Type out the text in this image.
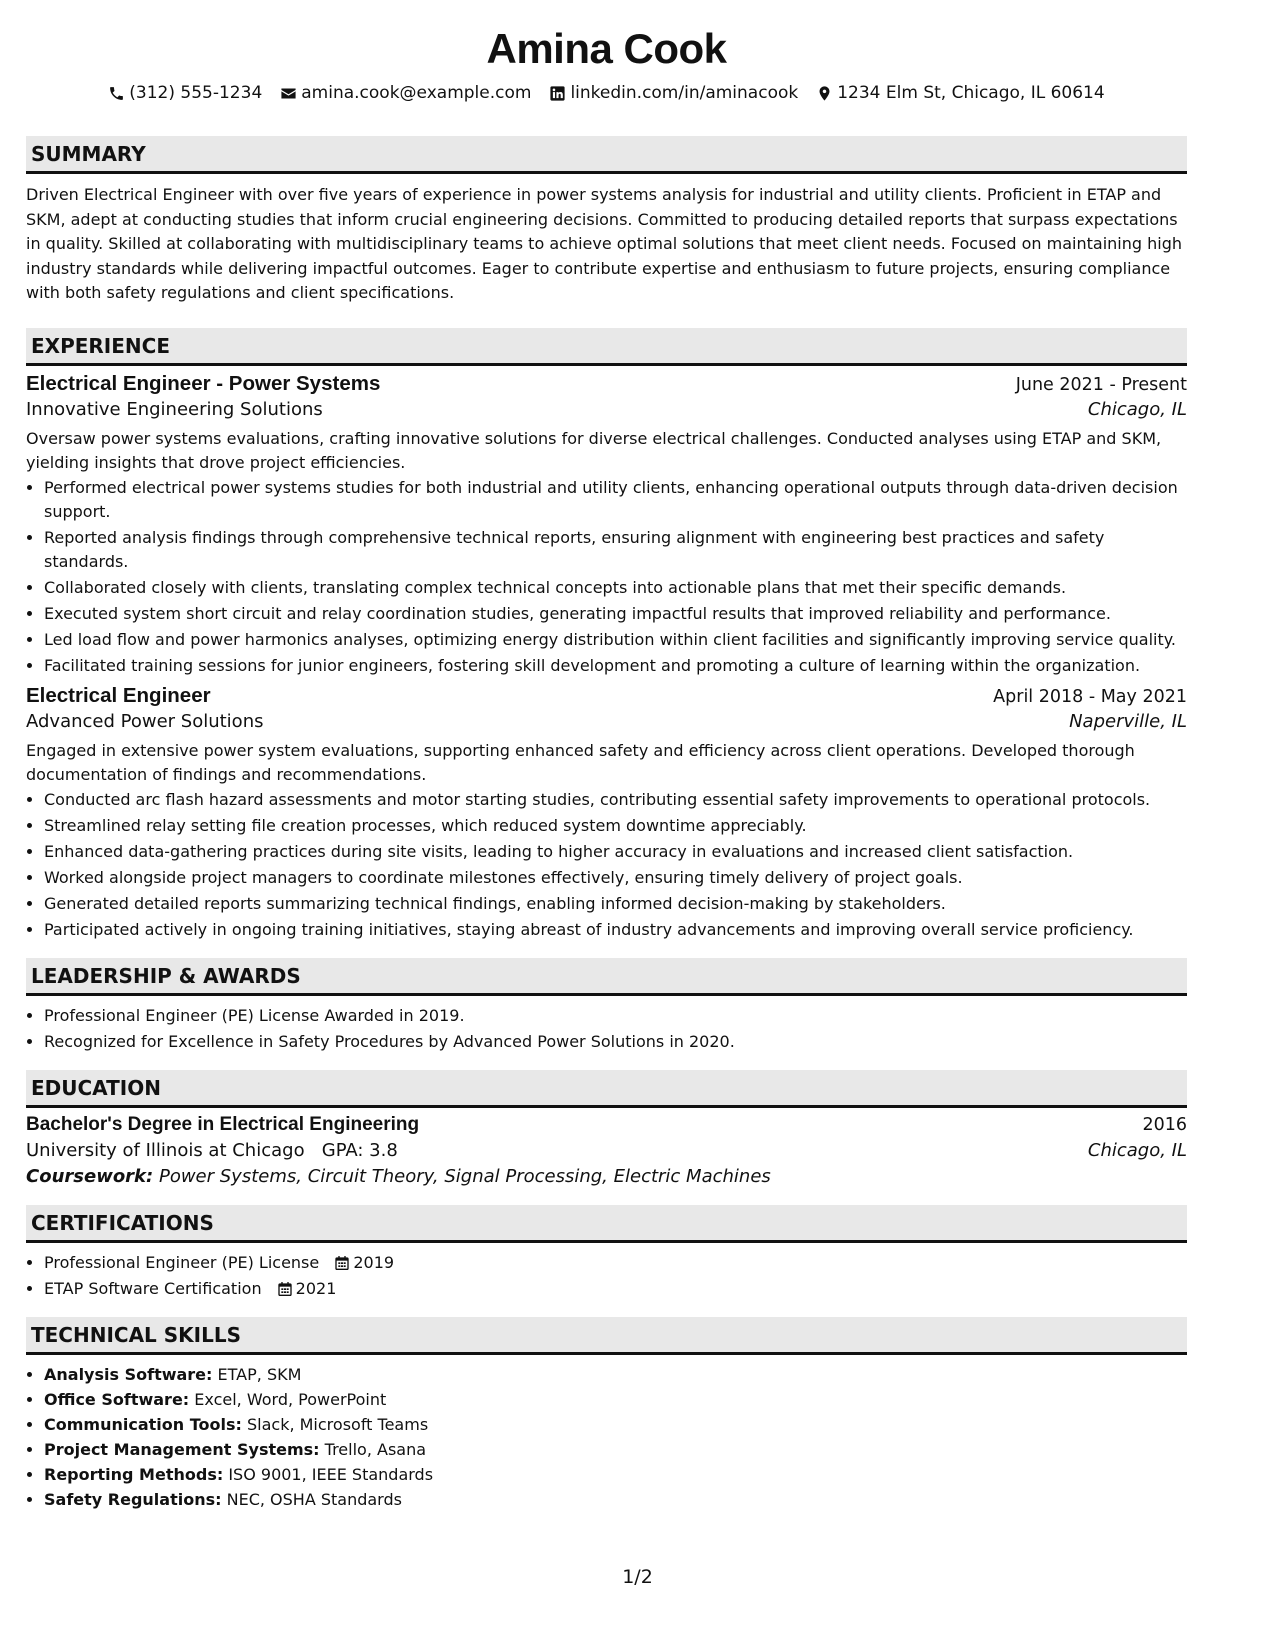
Amina Cook
(312) 555-1234 amina.cook@example.com linkedin.com/in/aminacook 1234 Elm St, Chicago, IL 60614
SUMMARY

Driven Electrical Engineer with over five years of experience in power systems analysis for industrial and utility clients. Proficient in ETAP and SKM, adept at conducting studies that inform crucial engineering decisions. Committed to producing detailed reports that surpass expectations in quality. Skilled at collaborating with multidisciplinary teams to achieve optimal solutions that meet client needs. Focused on maintaining high industry standards while delivering impactful outcomes. Eager to contribute expertise and enthusiasm to future projects, ensuring compliance with both safety regulations and client specifications.

EXPERIENCE
Electrical Engineer - Power Systems	June 2021 - Present
Innovative Engineering Solutions	Chicago, IL

Oversaw power systems evaluations, crafting innovative solutions for diverse electrical challenges. Conducted analyses using ETAP and SKM, yielding insights that drove project efficiencies.

• Performed electrical power systems studies for both industrial and utility clients, enhancing operational outputs through data-driven decision support.
• Reported analysis findings through comprehensive technical reports, ensuring alignment with engineering best practices and safety standards.
• Collaborated closely with clients, translating complex technical concepts into actionable plans that met their specific demands.
• Executed system short circuit and relay coordination studies, generating impactful results that improved reliability and performance.
• Led load flow and power harmonics analyses, optimizing energy distribution within client facilities and significantly improving service quality.
• Facilitated training sessions for junior engineers, fostering skill development and promoting a culture of learning within the organization.
Electrical Engineer	April 2018 - May 2021
Advanced Power Solutions	Naperville, IL

Engaged in extensive power system evaluations, supporting enhanced safety and efficiency across client operations. Developed thorough documentation of findings and recommendations.

• Conducted arc flash hazard assessments and motor starting studies, contributing essential safety improvements to operational protocols.
• Streamlined relay setting file creation processes, which reduced system downtime appreciably.
• Enhanced data-gathering practices during site visits, leading to higher accuracy in evaluations and increased client satisfaction.
• Worked alongside project managers to coordinate milestones effectively, ensuring timely delivery of project goals.
• Generated detailed reports summarizing technical findings, enabling informed decision-making by stakeholders.
• Participated actively in ongoing training initiatives, staying abreast of industry advancements and improving overall service proficiency.
LEADERSHIP & AWARDS
• Professional Engineer (PE) License Awarded in 2019.
• Recognized for Excellence in Safety Procedures by Advanced Power Solutions in 2020.
EDUCATION
Bachelor's Degree in Electrical Engineering	2016
University of Illinois at Chicago GPA: 3.8	Chicago, IL
Coursework: Power Systems, Circuit Theory, Signal Processing, Electric Machines
CERTIFICATIONS
• Professional Engineer (PE) License 2019
• ETAP Software Certification 2021
TECHNICAL SKILLS
• Analysis Software: ETAP, SKM
• Office Software: Excel, Word, PowerPoint
• Communication Tools: Slack, Microsoft Teams
• Project Management Systems: Trello, Asana
• Reporting Methods: ISO 9001, IEEE Standards
• Safety Regulations: NEC, OSHA Standards
1/2
